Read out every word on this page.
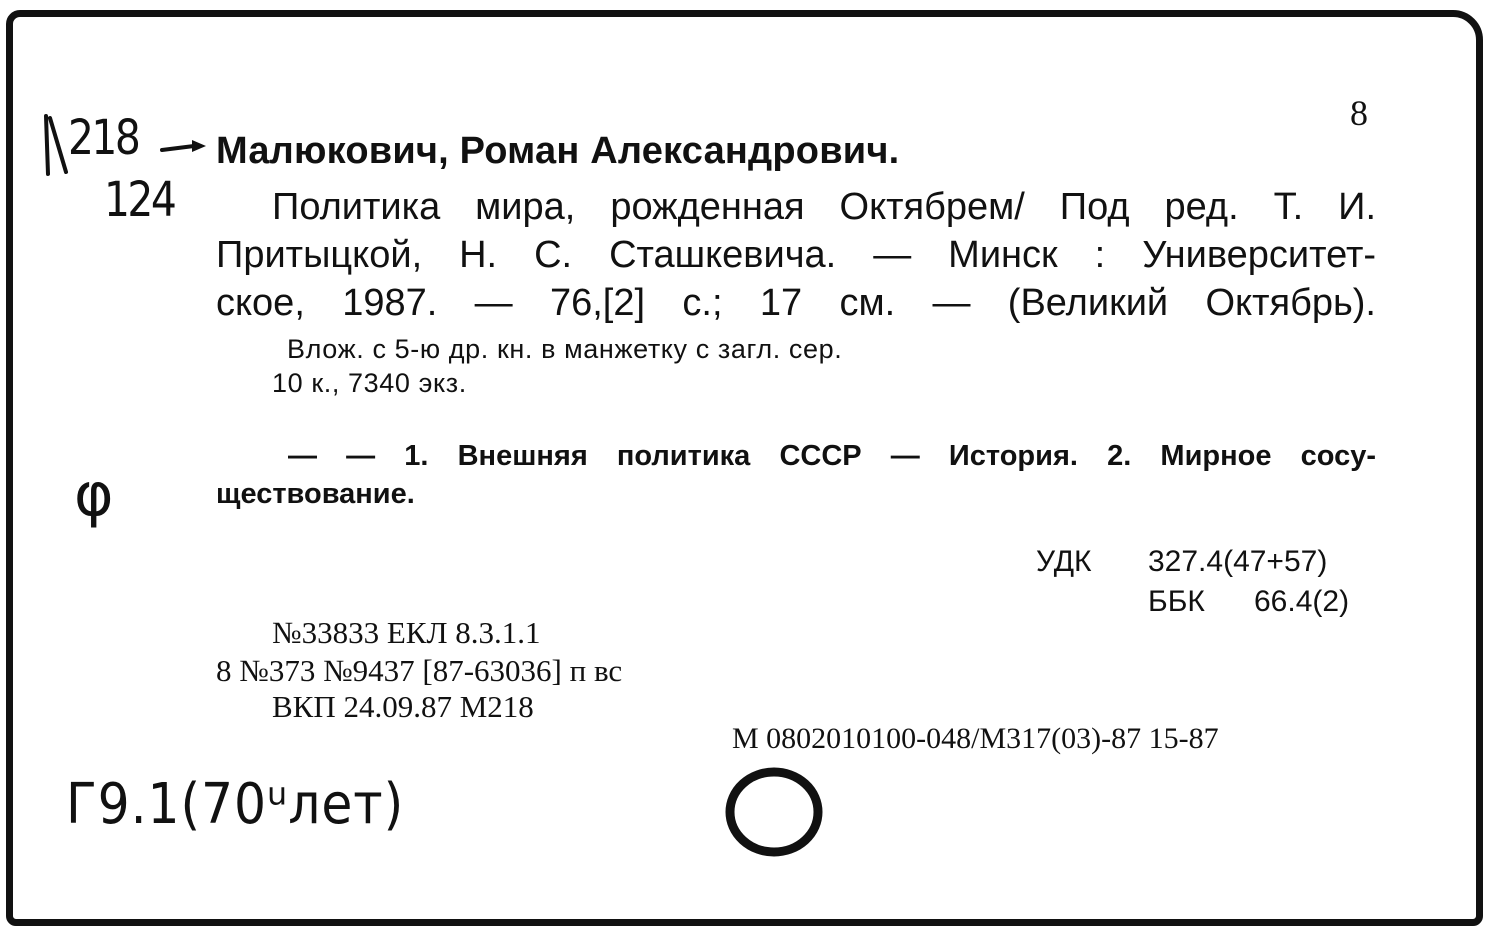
8
Малюкович, Роман Александрович.
Политика мира, рожденная Октябрем/ Под ред. Т. И.
Притыцкой, Н. С. Сташкевича. — Минск : Университет-
ское, 1987. — 76,[2] с.; 17 см. — (Великий Октябрь).
Влож. с 5-ю др. кн. в манжетку с загл. сер.
10 к., 7340 экз.
— — 1. Внешняя политика СССР — История. 2. Мирное сосу-
ществование.
УДК 327.4(47+57)
ББК 66.4(2)
№33833 ЕКЛ 8.3.1.1
8 №373 №9437 [87-63036] п вс
ВКП 24.09.87 М218
М 0802010100-048/М317(03)-87 15-87
218
124
φ
Г9.1(70ᵘлет)
